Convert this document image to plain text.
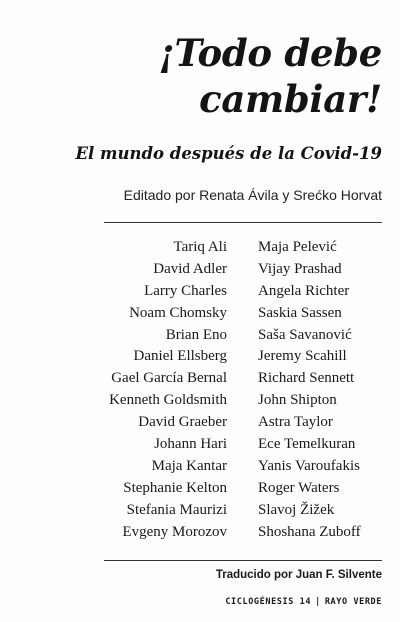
¡Todo debe
cambiar!
El mundo después de la Covid-19
Editado por Renata Ávila y Srećko Horvat
Tariq Ali
David Adler
Larry Charles
Noam Chomsky
Brian Eno
Daniel Ellsberg
Gael García Bernal
Kenneth Goldsmith
David Graeber
Johann Hari
Maja Kantar
Stephanie Kelton
Stefania Maurizi
Evgeny Morozov
Maja Pelević
Vijay Prashad
Angela Richter
Saskia Sassen
Saša Savanović
Jeremy Scahill
Richard Sennett
John Shipton
Astra Taylor
Ece Temelkuran
Yanis Varoufakis
Roger Waters
Slavoj Žižek
Shoshana Zuboff
Traducido por Juan F. Silvente
CICLOGÉNESIS 14 | RAYO VERDE
